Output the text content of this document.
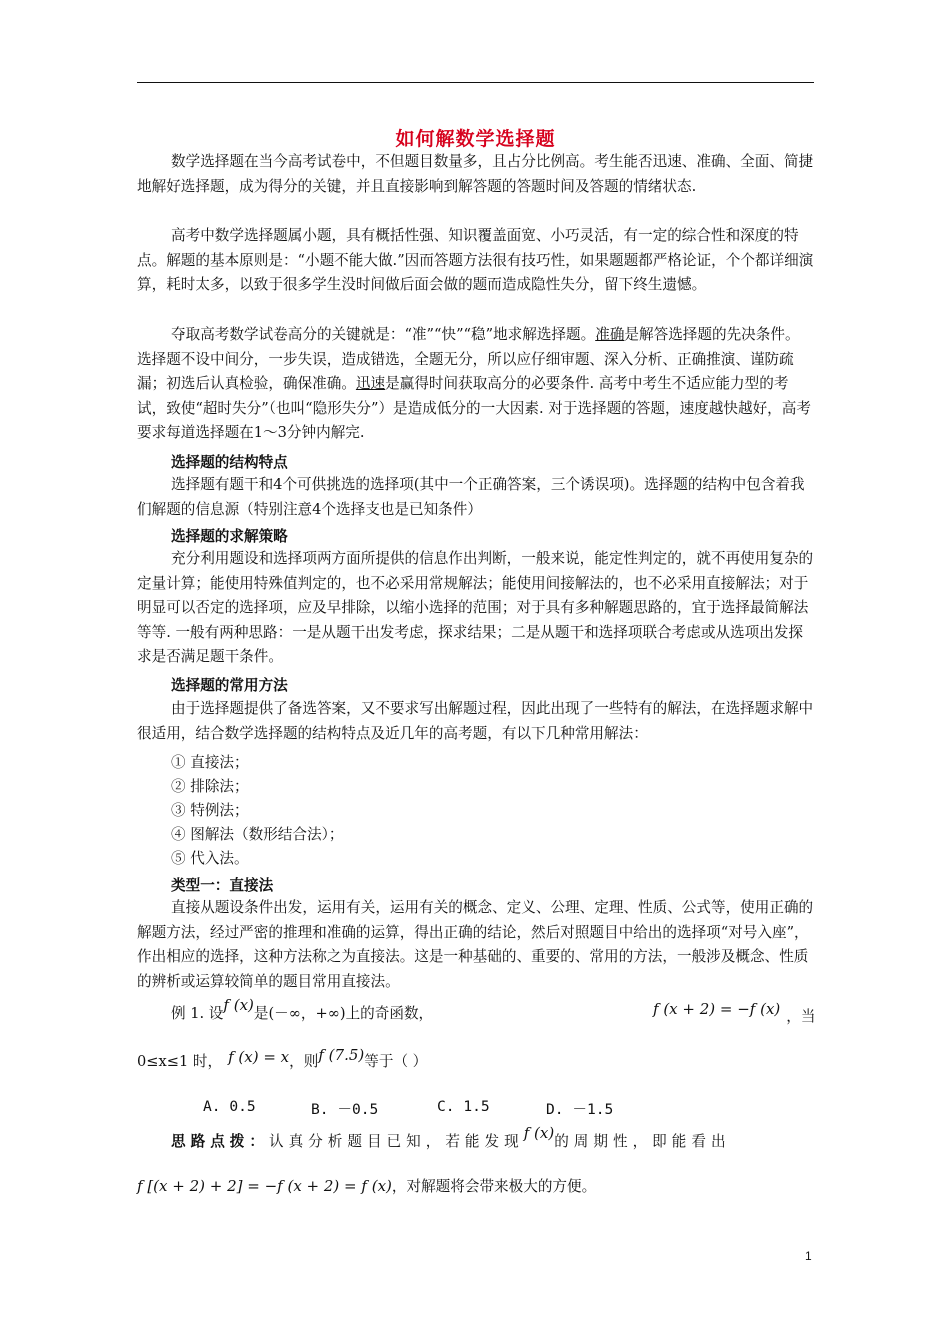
如何解数学选择题
数学选择题在当今高考试卷中，不但题目数量多，且占分比例高。考生能否迅速、准确、全面、简捷地解好选择题，成为得分的关键，并且直接影响到解答题的答题时间及答题的情绪状态.
高考中数学选择题属小题，具有概括性强、知识覆盖面宽、小巧灵活，有一定的综合性和深度的特点。解题的基本原则是：“小题不能大做.”因而答题方法很有技巧性，如果题题都严格论证，个个都详细演算，耗时太多，以致于很多学生没时间做后面会做的题而造成隐性失分，留下终生遗憾。
夺取高考数学试卷高分的关键就是：“准”“快”“稳”地求解选择题。准确是解答选择题的先决条件。选择题不设中间分，一步失误，造成错选，全题无分，所以应仔细审题、深入分析、正确推演、谨防疏漏；初选后认真检验，确保准确。迅速是赢得时间获取高分的必要条件. 高考中考生不适应能力型的考试，致使“超时失分”（也叫“隐形失分”）是造成低分的一大因素. 对于选择题的答题，速度越快越好，高考要求每道选择题在1～3分钟内解完.
选择题的结构特点
选择题有题干和4个可供挑选的选择项(其中一个正确答案，三个诱误项)。选择题的结构中包含着我们解题的信息源（特别注意4个选择支也是已知条件）
选择题的求解策略
充分利用题设和选择项两方面所提供的信息作出判断，一般来说，能定性判定的，就不再使用复杂的定量计算；能使用特殊值判定的，也不必采用常规解法；能使用间接解法的，也不必采用直接解法；对于明显可以否定的选择项，应及早排除，以缩小选择的范围；对于具有多种解题思路的，宜于选择最简解法等等. 一般有两种思路：一是从题干出发考虑，探求结果；二是从题干和选择项联合考虑或从选项出发探求是否满足题干条件。
选择题的常用方法
由于选择题提供了备选答案，又不要求写出解题过程，因此出现了一些特有的解法，在选择题求解中很适用，结合数学选择题的结构特点及近几年的高考题，有以下几种常用解法：
① 直接法；
② 排除法；
③ 特例法；
④ 图解法（数形结合法）；
⑤ 代入法。
类型一：直接法
直接从题设条件出发，运用有关，运用有关的概念、定义、公理、定理、性质、公式等，使用正确的解题方法，经过严密的推理和准确的运算，得出正确的结论，然后对照题目中给出的选择项“对号入座”，作出相应的选择，这种方法称之为直接法。这是一种基础的、重要的、常用的方法，一般涉及概念、性质的辨析或运算较简单的题目常用直接法。
例 1. 设f (x)是(－∞，+∞)上的奇函数，	f (x + 2) = −f (x) ，当
0≤x≤1 时， f (x) = x，则f (7.5)等于（ ）
A. 0.5	B. －0.5	C. 1.5	D. －1.5
思路点拨：认真分析题目已知，若能发现f (x)的周期性，即能看出
f [(x + 2) + 2] = −f (x + 2) = f (x)，对解题将会带来极大的方便。
1
